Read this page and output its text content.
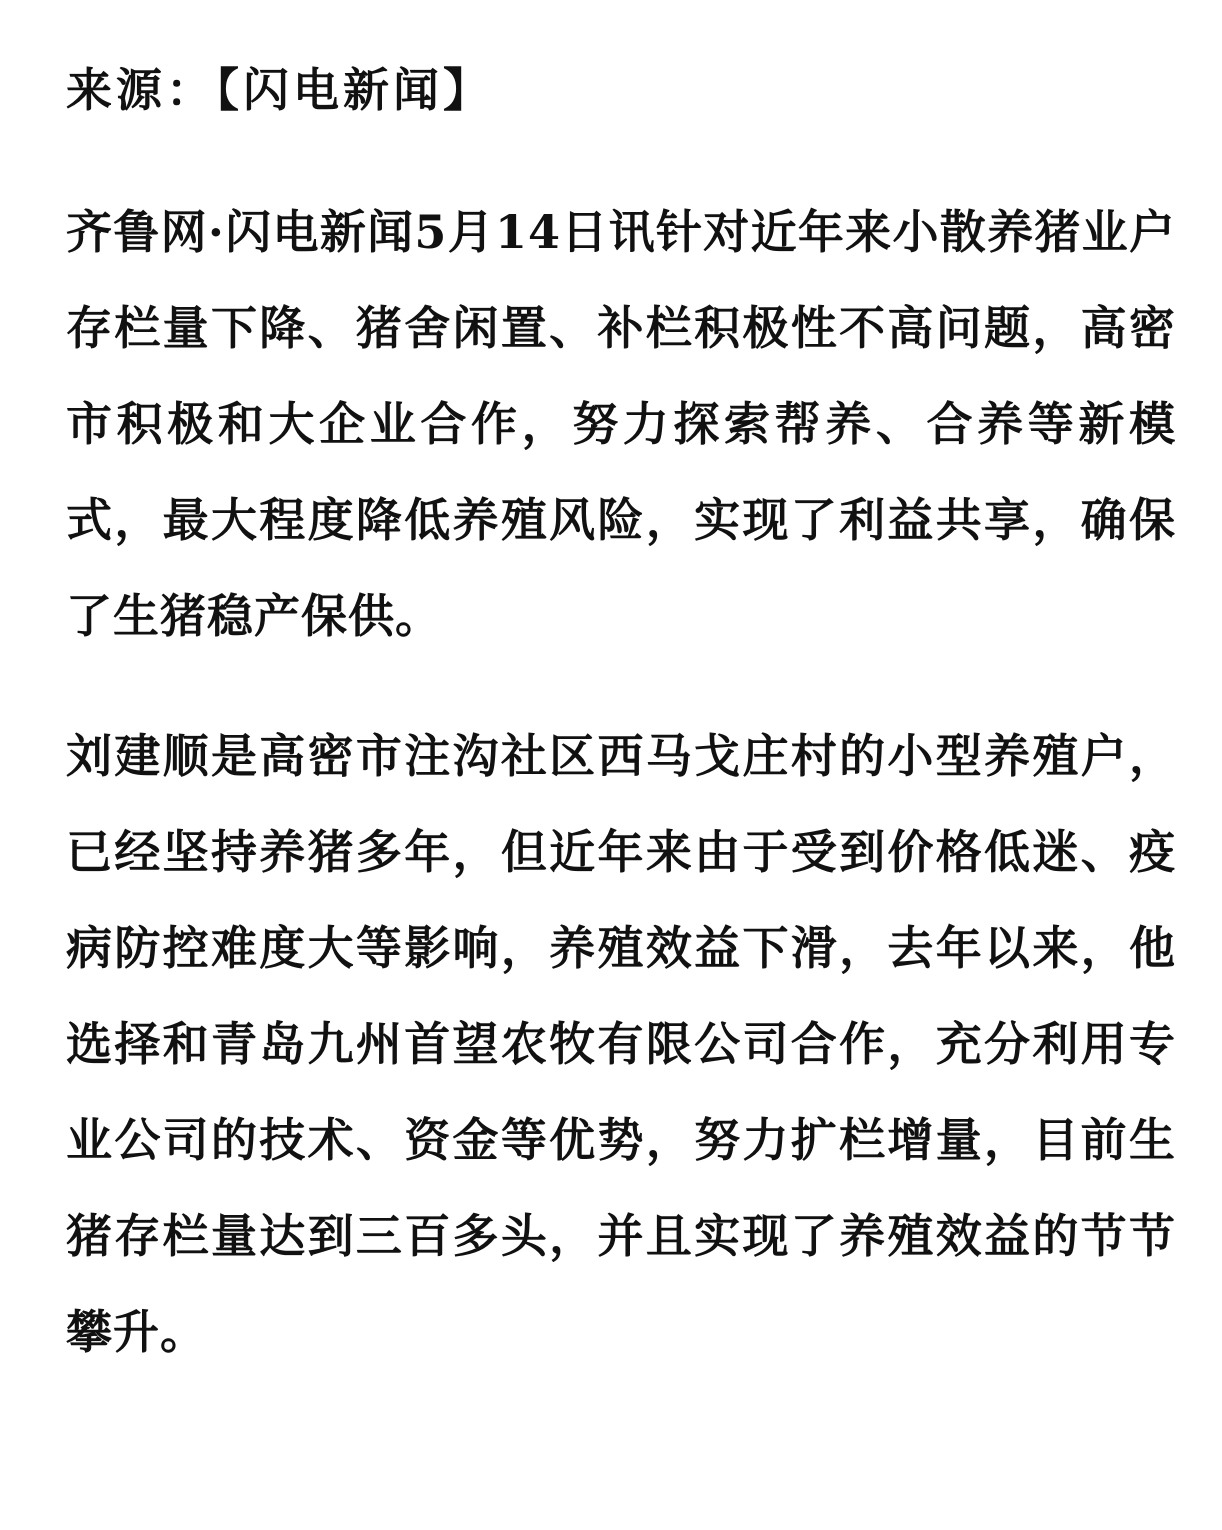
来源：【闪电新闻】

齐鲁网·闪电新闻5月14日讯针对近年来小散养猪业户存栏量下降、猪舍闲置、补栏积极性不高问题，高密市积极和大企业合作，努力探索帮养、合养等新模式，最大程度降低养殖风险，实现了利益共享，确保了生猪稳产保供。

刘建顺是高密市注沟社区西马戈庄村的小型养殖户，已经坚持养猪多年，但近年来由于受到价格低迷、疫病防控难度大等影响，养殖效益下滑，去年以来，他选择和青岛九州首望农牧有限公司合作，充分利用专业公司的技术、资金等优势，努力扩栏增量，目前生猪存栏量达到三百多头，并且实现了养殖效益的节节攀升。
